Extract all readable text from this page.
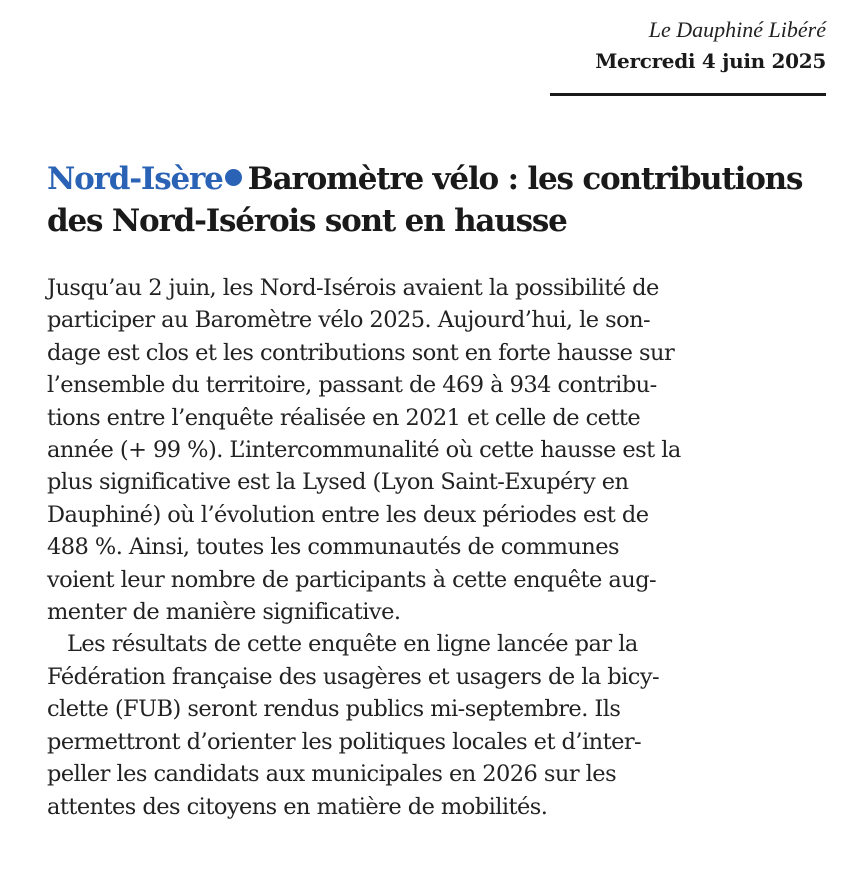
Le Dauphiné Libéré
Mercredi 4 juin 2025
Nord-Isère Baromètre vélo : les contributions
des Nord-Isérois sont en hausse

Jusqu’au 2 juin, les Nord-Isérois avaient la possibilité de
participer au Baromètre vélo 2025. Aujourd’hui, le son-
dage est clos et les contributions sont en forte hausse sur
l’ensemble du territoire, passant de 469 à 934 contribu-
tions entre l’enquête réalisée en 2021 et celle de cette
année (+ 99 %). L’intercommunalité où cette hausse est la
plus significative est la Lysed (Lyon Saint-Exupéry en
Dauphiné) où l’évolution entre les deux périodes est de
488 %. Ainsi, toutes les communautés de communes
voient leur nombre de participants à cette enquête aug-
menter de manière significative.

Les résultats de cette enquête en ligne lancée par la
Fédération française des usagères et usagers de la bicy-
clette (FUB) seront rendus publics mi-septembre. Ils
permettront d’orienter les politiques locales et d’inter-
peller les candidats aux municipales en 2026 sur les
attentes des citoyens en matière de mobilités.
